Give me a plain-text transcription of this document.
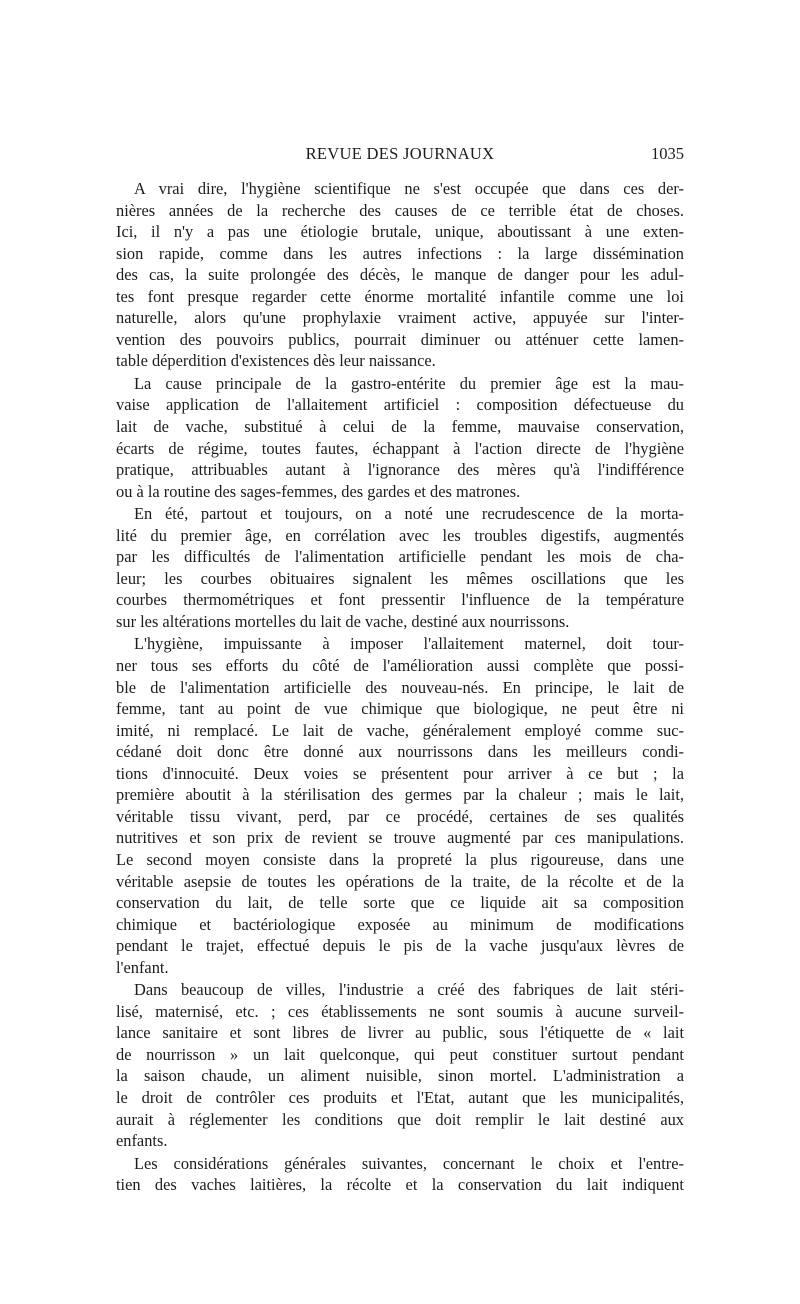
REVUE DES JOURNAUX	1035
A vrai dire, l'hygiène scientifique ne s'est occupée que dans ces der-
nières années de la recherche des causes de ce terrible état de choses.
Ici, il n'y a pas une étiologie brutale, unique, aboutissant à une exten-
sion rapide, comme dans les autres infections : la large dissémination
des cas, la suite prolongée des décès, le manque de danger pour les adul-
tes font presque regarder cette énorme mortalité infantile comme une loi
naturelle, alors qu'une prophylaxie vraiment active, appuyée sur l'inter-
vention des pouvoirs publics, pourrait diminuer ou atténuer cette lamen-
table déperdition d'existences dès leur naissance.
La cause principale de la gastro-entérite du premier âge est la mau-
vaise application de l'allaitement artificiel : composition défectueuse du
lait de vache, substitué à celui de la femme, mauvaise conservation,
écarts de régime, toutes fautes, échappant à l'action directe de l'hygiène
pratique, attribuables autant à l'ignorance des mères qu'à l'indifférence
ou à la routine des sages-femmes, des gardes et des matrones.
En été, partout et toujours, on a noté une recrudescence de la morta-
lité du premier âge, en corrélation avec les troubles digestifs, augmentés
par les difficultés de l'alimentation artificielle pendant les mois de cha-
leur; les courbes obituaires signalent les mêmes oscillations que les
courbes thermométriques et font pressentir l'influence de la température
sur les altérations mortelles du lait de vache, destiné aux nourrissons.
L'hygiène, impuissante à imposer l'allaitement maternel, doit tour-
ner tous ses efforts du côté de l'amélioration aussi complète que possi-
ble de l'alimentation artificielle des nouveau-nés. En principe, le lait de
femme, tant au point de vue chimique que biologique, ne peut être ni
imité, ni remplacé. Le lait de vache, généralement employé comme suc-
cédané doit donc être donné aux nourrissons dans les meilleurs condi-
tions d'innocuité. Deux voies se présentent pour arriver à ce but ; la
première aboutit à la stérilisation des germes par la chaleur ; mais le lait,
véritable tissu vivant, perd, par ce procédé, certaines de ses qualités
nutritives et son prix de revient se trouve augmenté par ces manipulations.
Le second moyen consiste dans la propreté la plus rigoureuse, dans une
véritable asepsie de toutes les opérations de la traite, de la récolte et de la
conservation du lait, de telle sorte que ce liquide ait sa composition
chimique et bactériologique exposée au minimum de modifications
pendant le trajet, effectué depuis le pis de la vache jusqu'aux lèvres de
l'enfant.
Dans beaucoup de villes, l'industrie a créé des fabriques de lait stéri-
lisé, maternisé, etc. ; ces établissements ne sont soumis à aucune surveil-
lance sanitaire et sont libres de livrer au public, sous l'étiquette de « lait
de nourrisson » un lait quelconque, qui peut constituer surtout pendant
la saison chaude, un aliment nuisible, sinon mortel. L'administration a
le droit de contrôler ces produits et l'Etat, autant que les municipalités,
aurait à réglementer les conditions que doit remplir le lait destiné aux
enfants.
Les considérations générales suivantes, concernant le choix et l'entre-
tien des vaches laitières, la récolte et la conservation du lait indiquent
